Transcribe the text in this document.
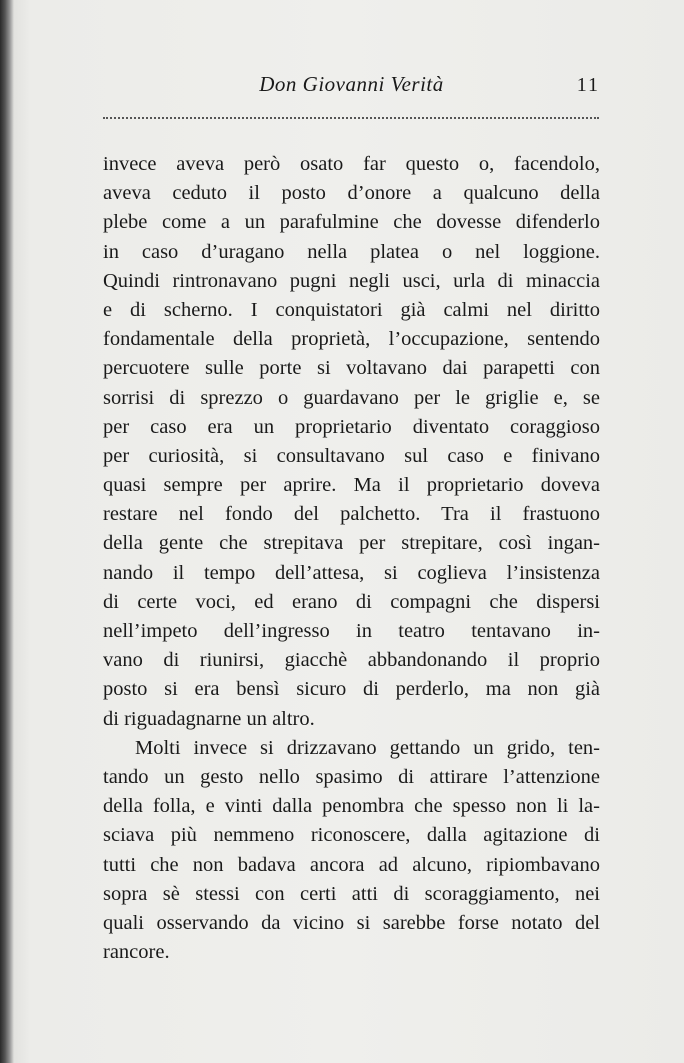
Don Giovanni Verità	11
invece aveva però osato far questo o, facendolo,
aveva ceduto il posto d’onore a qualcuno della
plebe come a un parafulmine che dovesse difenderlo
in caso d’uragano nella platea o nel loggione.
Quindi rintronavano pugni negli usci, urla di minaccia
e di scherno. I conquistatori già calmi nel diritto
fondamentale della proprietà, l’occupazione, sentendo
percuotere sulle porte si voltavano dai parapetti con
sorrisi di sprezzo o guardavano per le griglie e, se
per caso era un proprietario diventato coraggioso
per curiosità, si consultavano sul caso e finivano
quasi sempre per aprire. Ma il proprietario doveva
restare nel fondo del palchetto. Tra il frastuono
della gente che strepitava per strepitare, così ingan-
nando il tempo dell’attesa, si coglieva l’insistenza
di certe voci, ed erano di compagni che dispersi
nell’impeto dell’ingresso in teatro tentavano in-
vano di riunirsi, giacchè abbandonando il proprio
posto si era bensì sicuro di perderlo, ma non già
di riguadagnarne un altro.
Molti invece si drizzavano gettando un grido, ten-
tando un gesto nello spasimo di attirare l’attenzione
della folla, e vinti dalla penombra che spesso non li la-
sciava più nemmeno riconoscere, dalla agitazione di
tutti che non badava ancora ad alcuno, ripiombavano
sopra sè stessi con certi atti di scoraggiamento, nei
quali osservando da vicino si sarebbe forse notato del
rancore.
